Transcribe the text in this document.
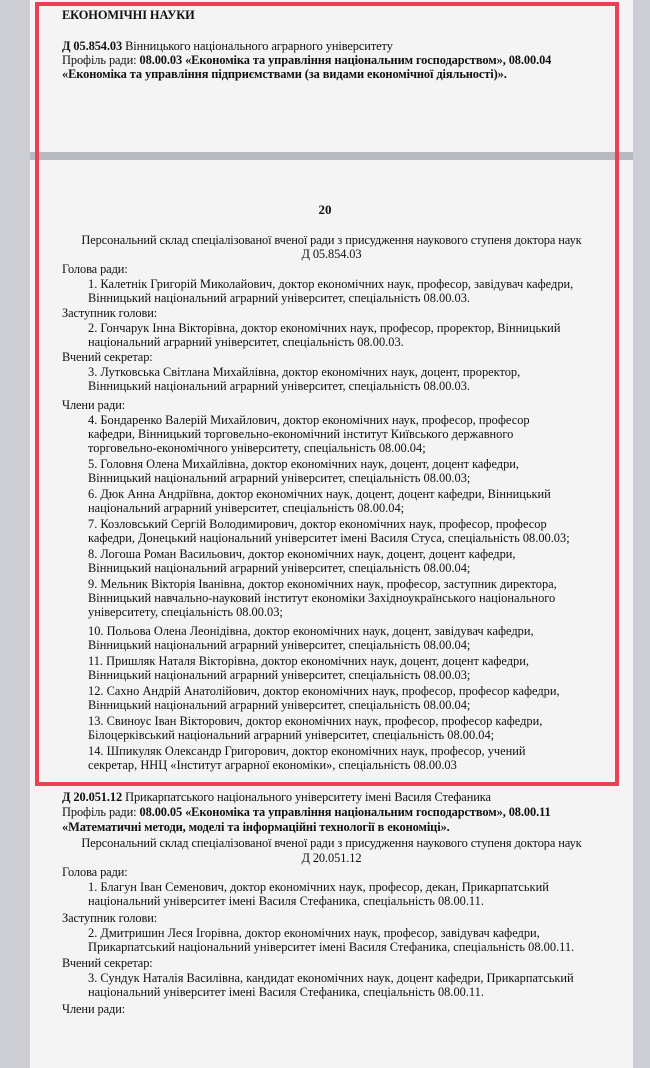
ЕКОНОМІЧНІ НАУКИ
Д 05.854.03 Вінницького національного аграрного університету
Профіль ради: 08.00.03 «Економіка та управління національним господарством», 08.00.04
«Економіка та управління підприємствами (за видами економічної діяльності)».
20
Персональний склад спеціалізованої вченої ради з присудження наукового ступеня доктора наук
Д 05.854.03
Голова ради:
1. Калетнік Григорій Миколайович, доктор економічних наук, професор, завідувач кафедри,
Вінницький національний аграрний університет, спеціальність 08.00.03.
Заступник голови:
2. Гончарук Інна Вікторівна, доктор економічних наук, професор, проректор, Вінницький
національний аграрний університет, спеціальність 08.00.03.
Вчений секретар:
3. Лутковська Світлана Михайлівна, доктор економічних наук, доцент, проректор,
Вінницький національний аграрний університет, спеціальність 08.00.03.
Члени ради:
4. Бондаренко Валерій Михайлович, доктор економічних наук, професор, професор
кафедри, Вінницький торговельно-економічний інститут Київського державного
торговельно-економічного університету, спеціальність 08.00.04;
5. Головня Олена Михайлівна, доктор економічних наук, доцент, доцент кафедри,
Вінницький національний аграрний університет, спеціальність 08.00.03;
6. Дюк Анна Андріївна, доктор економічних наук, доцент, доцент кафедри, Вінницький
національний аграрний університет, спеціальність 08.00.04;
7. Козловський Сергій Володимирович, доктор економічних наук, професор, професор
кафедри, Донецький національний університет імені Василя Стуса, спеціальність 08.00.03;
8. Логоша Роман Васильович, доктор економічних наук, доцент, доцент кафедри,
Вінницький національний аграрний університет, спеціальність 08.00.04;
9. Мельник Вікторія Іванівна, доктор економічних наук, професор, заступник директора,
Вінницький навчально-науковий інститут економіки Західноукраїнського національного
університету, спеціальність 08.00.03;
10. Польова Олена Леонідівна, доктор економічних наук, доцент, завідувач кафедри,
Вінницький національний аграрний університет, спеціальність 08.00.04;
11. Пришляк Наталя Вікторівна, доктор економічних наук, доцент, доцент кафедри,
Вінницький національний аграрний університет, спеціальність 08.00.03;
12. Сахно Андрій Анатолійович, доктор економічних наук, професор, професор кафедри,
Вінницький національний аграрний університет, спеціальність 08.00.04;
13. Свиноус Іван Вікторович, доктор економічних наук, професор, професор кафедри,
Білоцерківський національний аграрний університет, спеціальність 08.00.04;
14. Шпикуляк Олександр Григорович, доктор економічних наук, професор, учений
секретар, ННЦ «Інститут аграрної економіки», спеціальність 08.00.03
Д 20.051.12 Прикарпатського національного університету імені Василя Стефаника
Профіль ради: 08.00.05 «Економіка та управління національним господарством», 08.00.11
«Математичні методи, моделі та інформаційні технології в економіці».
Персональний склад спеціалізованої вченої ради з присудження наукового ступеня доктора наук
Д 20.051.12
Голова ради:
1. Благун Іван Семенович, доктор економічних наук, професор, декан, Прикарпатський
національний університет імені Василя Стефаника, спеціальність 08.00.11.
Заступник голови:
2. Дмитришин Леся Ігорівна, доктор економічних наук, професор, завідувач кафедри,
Прикарпатський національний університет імені Василя Стефаника, спеціальність 08.00.11.
Вчений секретар:
3. Сундук Наталія Василівна, кандидат економічних наук, доцент кафедри, Прикарпатський
національний університет імені Василя Стефаника, спеціальність 08.00.11.
Члени ради:
